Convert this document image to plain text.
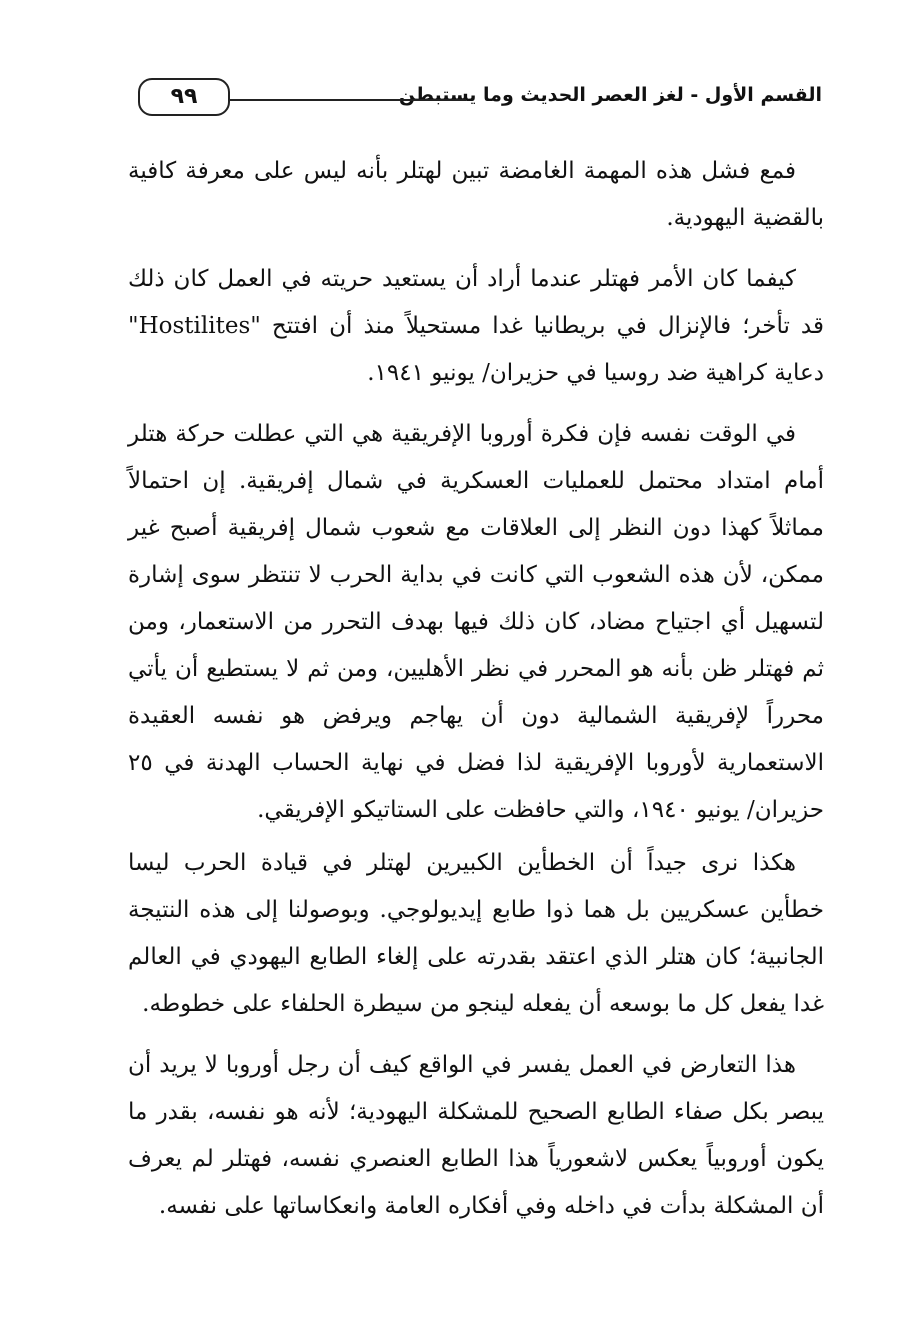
القسم الأول - لغز العصر الحديث وما يستبطن
٩٩

فمع فشل هذه المهمة الغامضة تبين لهتلر بأنه ليس على معرفة كافية بالقضية اليهودية.

كيفما كان الأمر فهتلر عندما أراد أن يستعيد حريته في العمل كان ذلك قد تأخر؛ فالإنزال في بريطانيا غدا مستحيلاً منذ أن افتتح "Hostilites" دعاية كراهية ضد روسيا في حزيران/ يونيو ١٩٤١.

في الوقت نفسه فإن فكرة أوروبا الإفريقية هي التي عطلت حركة هتلر أمام امتداد محتمل للعمليات العسكرية في شمال إفريقية. إن احتمالاً مماثلاً كهذا دون النظر إلى العلاقات مع شعوب شمال إفريقية أصبح غير ممكن، لأن هذه الشعوب التي كانت في بداية الحرب لا تنتظر سوى إشارة لتسهيل أي اجتياح مضاد، كان ذلك فيها بهدف التحرر من الاستعمار، ومن ثم فهتلر ظن بأنه هو المحرر في نظر الأهليين، ومن ثم لا يستطيع أن يأتي محرراً لإفريقية الشمالية دون أن يهاجم ويرفض هو نفسه العقيدة الاستعمارية لأوروبا الإفريقية لذا فضل في نهاية الحساب الهدنة في ٢٥ حزيران/ يونيو ١٩٤٠، والتي حافظت على الستاتيكو الإفريقي.

هكذا نرى جيداً أن الخطأين الكبيرين لهتلر في قيادة الحرب ليسا خطأين عسكريين بل هما ذوا طابع إيديولوجي. وبوصولنا إلى هذه النتيجة الجانبية؛ كان هتلر الذي اعتقد بقدرته على إلغاء الطابع اليهودي في العالم غدا يفعل كل ما بوسعه أن يفعله لينجو من سيطرة الحلفاء على خطوطه.

هذا التعارض في العمل يفسر في الواقع كيف أن رجل أوروبا لا يريد أن يبصر بكل صفاء الطابع الصحيح للمشكلة اليهودية؛ لأنه هو نفسه، بقدر ما يكون أوروبياً يعكس لاشعورياً هذا الطابع العنصري نفسه، فهتلر لم يعرف أن المشكلة بدأت في داخله وفي أفكاره العامة وانعكاساتها على نفسه.
